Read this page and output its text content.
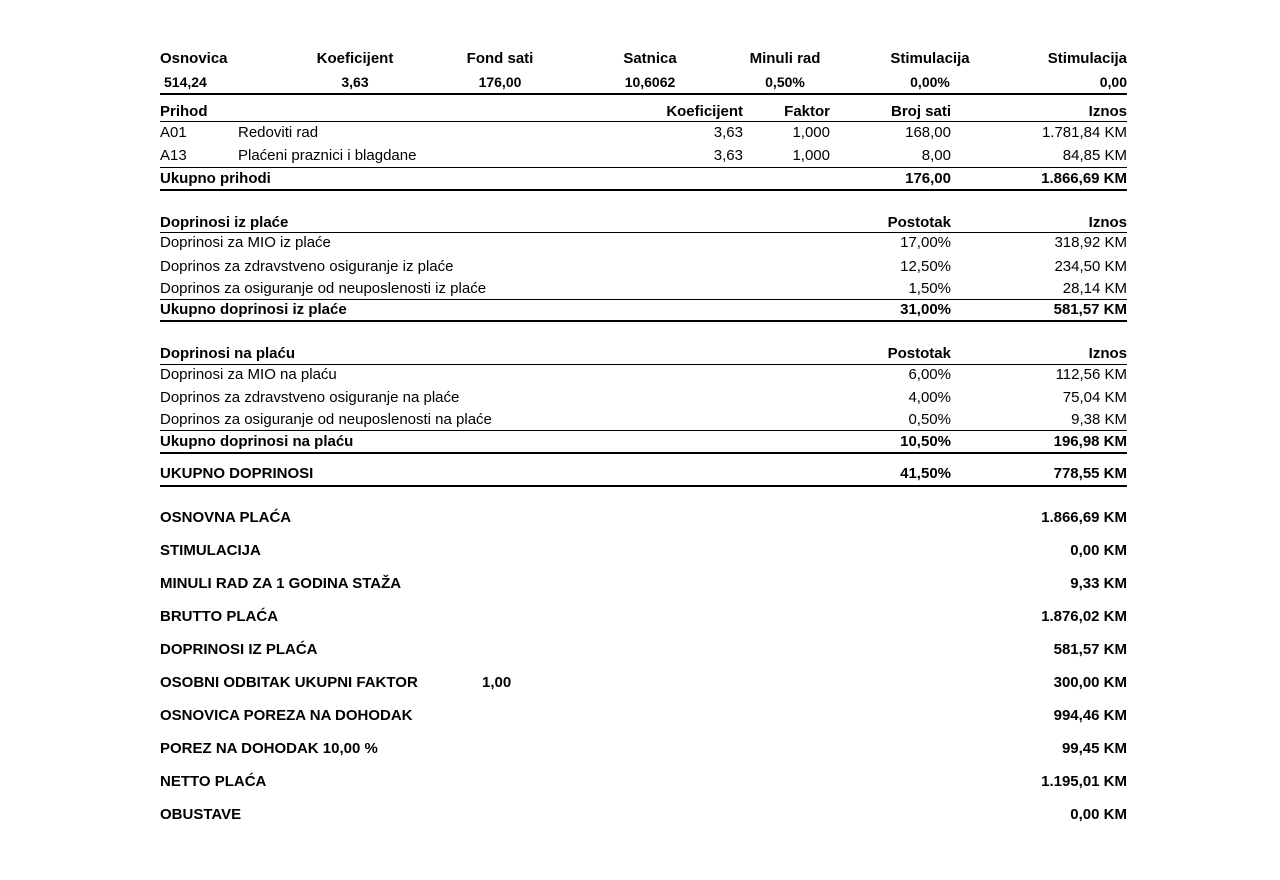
Osnovica	Koeficijent	Fond sati	Satnica	Minuli rad	Stimulacija	Stimulacija
514,24	3,63	176,00	10,6062	0,50%	0,00%	0,00
Prihod	Koeficijent	Faktor	Broj sati	Iznos
A01	Redoviti rad	3,63	1,000	168,00	1.781,84 KM
A13	Plaćeni praznici i blagdane	3,63	1,000	8,00	84,85 KM
Ukupno prihodi	176,00	1.866,69 KM
Doprinosi iz plaće	Postotak	Iznos
Doprinosi za MIO iz plaće	17,00%	318,92 KM
Doprinos za zdravstveno osiguranje iz plaće	12,50%	234,50 KM
Doprinos za osiguranje od neuposlenosti iz plaće	1,50%	28,14 KM
Ukupno doprinosi iz plaće	31,00%	581,57 KM
Doprinosi na plaću	Postotak	Iznos
Doprinosi za MIO na plaću	6,00%	112,56 KM
Doprinos za zdravstveno osiguranje na plaće	4,00%	75,04 KM
Doprinos za osiguranje od neuposlenosti na plaće	0,50%	9,38 KM
Ukupno doprinosi na plaću	10,50%	196,98 KM
UKUPNO DOPRINOSI	41,50%	778,55 KM
OSNOVNA PLAĆA	1.866,69 KM
STIMULACIJA	0,00 KM
MINULI RAD ZA 1 GODINA STAŽA	9,33 KM
BRUTTO PLAĆA	1.876,02 KM
DOPRINOSI IZ PLAĆA	581,57 KM
OSOBNI ODBITAK UKUPNI FAKTOR	1,00	300,00 KM
OSNOVICA POREZA NA DOHODAK	994,46 KM
POREZ NA DOHODAK 10,00 %	99,45 KM
NETTO PLAĆA	1.195,01 KM
OBUSTAVE	0,00 KM
